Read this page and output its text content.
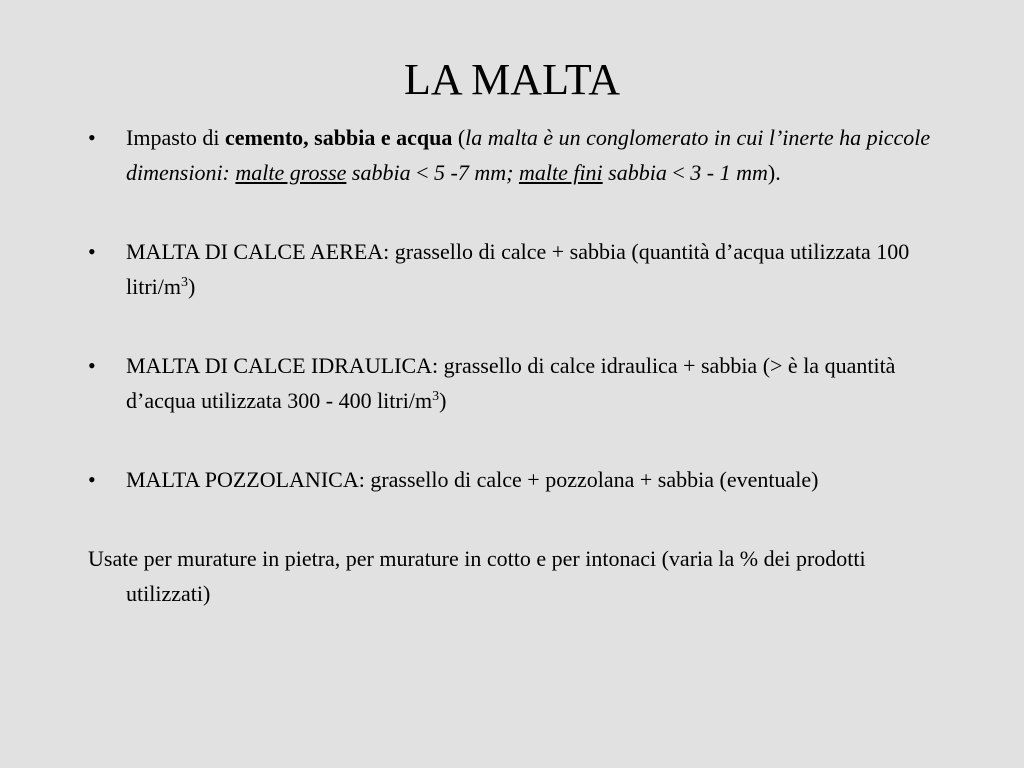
LA MALTA
• Impasto di cemento, sabbia e acqua (la malta è un conglomerato in cui l’inerte ha piccole dimensioni: malte grosse sabbia < 5 -7 mm; malte fini sabbia < 3 - 1 mm).
• MALTA DI CALCE AEREA: grassello di calce + sabbia (quantità d’acqua utilizzata 100 litri/$m^3$)
• MALTA DI CALCE IDRAULICA: grassello di calce idraulica + sabbia (> è la quantità d’acqua utilizzata 300 - 400 litri/$m^3$)
• MALTA POZZOLANICA: grassello di calce + pozzolana + sabbia (eventuale)

Usate per murature in pietra, per murature in cotto e per intonaci (varia la % dei prodotti utilizzati)
